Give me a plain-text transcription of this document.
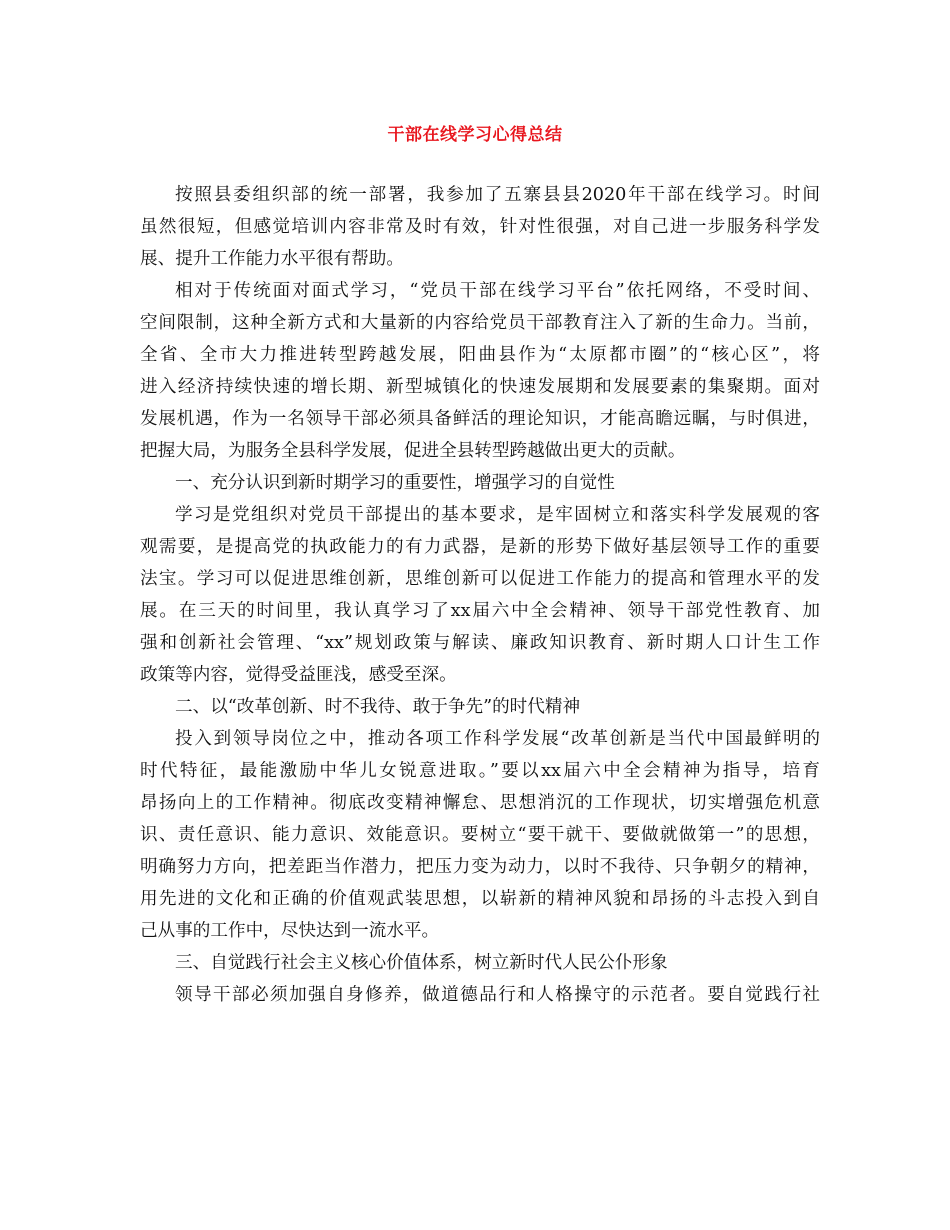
干部在线学习心得总结
按照县委组织部的统一部署，我参加了五寨县县2020年干部在线学习。时间
虽然很短，但感觉培训内容非常及时有效，针对性很强，对自己进一步服务科学发
展、提升工作能力水平很有帮助。
相对于传统面对面式学习，“党员干部在线学习平台”依托网络，不受时间、
空间限制，这种全新方式和大量新的内容给党员干部教育注入了新的生命力。当前，
全省、全市大力推进转型跨越发展，阳曲县作为“太原都市圈”的“核心区”，将
进入经济持续快速的增长期、新型城镇化的快速发展期和发展要素的集聚期。面对
发展机遇，作为一名领导干部必须具备鲜活的理论知识，才能高瞻远瞩，与时俱进，
把握大局，为服务全县科学发展，促进全县转型跨越做出更大的贡献。
一、充分认识到新时期学习的重要性，增强学习的自觉性
学习是党组织对党员干部提出的基本要求，是牢固树立和落实科学发展观的客
观需要，是提高党的执政能力的有力武器，是新的形势下做好基层领导工作的重要
法宝。学习可以促进思维创新，思维创新可以促进工作能力的提高和管理水平的发
展。在三天的时间里，我认真学习了xx届六中全会精神、领导干部党性教育、加
强和创新社会管理、“xx”规划政策与解读、廉政知识教育、新时期人口计生工作
政策等内容，觉得受益匪浅，感受至深。
二、以“改革创新、时不我待、敢于争先”的时代精神
投入到领导岗位之中，推动各项工作科学发展“改革创新是当代中国最鲜明的
时代特征，最能激励中华儿女锐意进取。”要以xx届六中全会精神为指导，培育
昂扬向上的工作精神。彻底改变精神懈怠、思想消沉的工作现状，切实增强危机意
识、责任意识、能力意识、效能意识。要树立“要干就干、要做就做第一”的思想，
明确努力方向，把差距当作潜力，把压力变为动力，以时不我待、只争朝夕的精神，
用先进的文化和正确的价值观武装思想，以崭新的精神风貌和昂扬的斗志投入到自
己从事的工作中，尽快达到一流水平。
三、自觉践行社会主义核心价值体系，树立新时代人民公仆形象
领导干部必须加强自身修养，做道德品行和人格操守的示范者。要自觉践行社
